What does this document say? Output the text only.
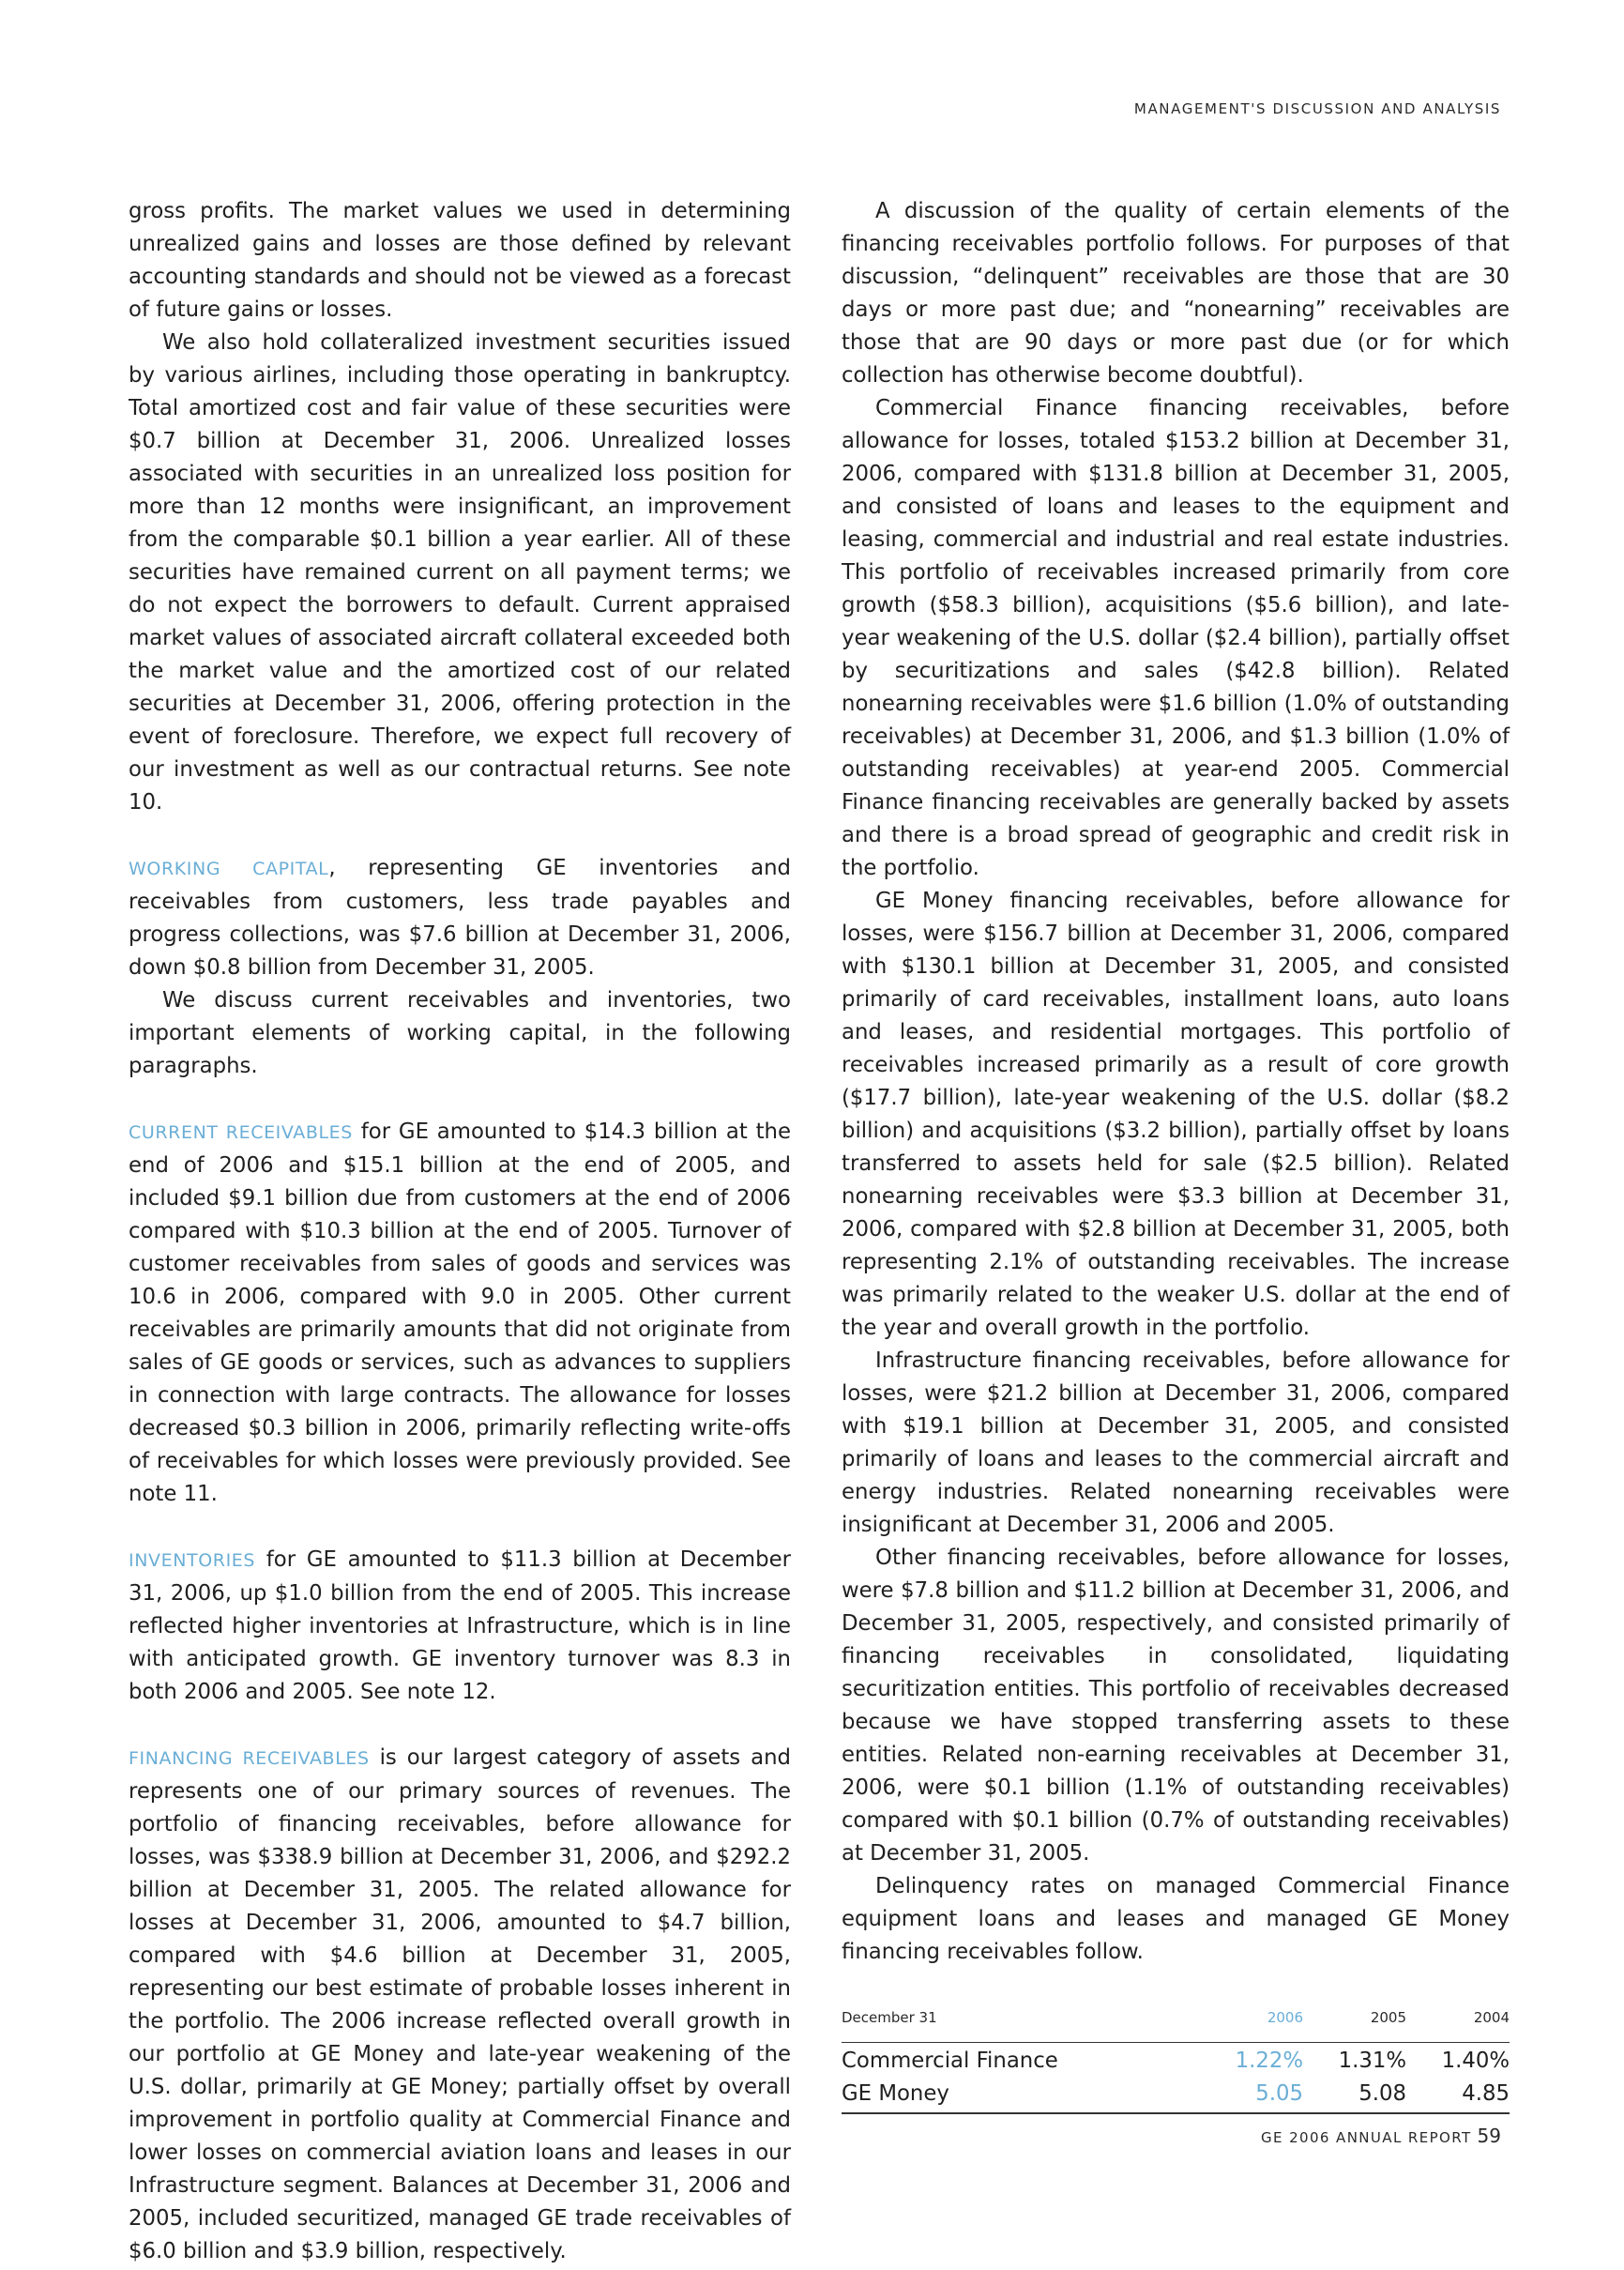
MANAGEMENT'S DISCUSSION AND ANALYSIS

gross profits. The market values we used in determining unrealized gains and losses are those defined by relevant accounting standards and should not be viewed as a forecast of future gains or losses.

We also hold collateralized investment securities issued by various airlines, including those operating in bankruptcy. Total amortized cost and fair value of these securities were $0.7 billion at December 31, 2006. Unrealized losses associated with securities in an unrealized loss position for more than 12 months were insignificant, an improvement from the comparable $0.1 billion a year earlier. All of these securities have remained current on all payment terms; we do not expect the borrowers to default. Current appraised market values of associated aircraft collateral exceeded both the market value and the amortized cost of our related securities at December 31, 2006, offering protection in the event of foreclosure. Therefore, we expect full recovery of our investment as well as our contractual returns. See note 10.

WORKING CAPITAL, representing GE inventories and receivables from customers, less trade payables and progress collections, was $7.6 billion at December 31, 2006, down $0.8 billion from December 31, 2005.

We discuss current receivables and inventories, two important elements of working capital, in the following paragraphs.

CURRENT RECEIVABLES for GE amounted to $14.3 billion at the end of 2006 and $15.1 billion at the end of 2005, and included $9.1 billion due from customers at the end of 2006 compared with $10.3 billion at the end of 2005. Turnover of customer receivables from sales of goods and services was 10.6 in 2006, compared with 9.0 in 2005. Other current receivables are primarily amounts that did not originate from sales of GE goods or services, such as advances to suppliers in connection with large contracts. The allowance for losses decreased $0.3 billion in 2006, primarily reflecting write-offs of receivables for which losses were previously provided. See note 11.

INVENTORIES for GE amounted to $11.3 billion at December 31, 2006, up $1.0 billion from the end of 2005. This increase reflected higher inventories at Infrastructure, which is in line with anticipated growth. GE inventory turnover was 8.3 in both 2006 and 2005. See note 12.

FINANCING RECEIVABLES is our largest category of assets and represents one of our primary sources of revenues. The portfolio of financing receivables, before allowance for losses, was $338.9 billion at December 31, 2006, and $292.2 billion at December 31, 2005. The related allowance for losses at December 31, 2006, amounted to $4.7 billion, compared with $4.6 billion at December 31, 2005, representing our best estimate of probable losses inherent in the portfolio. The 2006 increase reflected overall growth in our portfolio at GE Money and late-year weakening of the U.S. dollar, primarily at GE Money; partially offset by overall improvement in portfolio quality at Commercial Finance and lower losses on commercial aviation loans and leases in our Infrastructure segment. Balances at December 31, 2006 and 2005, included securitized, managed GE trade receivables of $6.0 billion and $3.9 billion, respectively.

A discussion of the quality of certain elements of the financing receivables portfolio follows. For purposes of that discussion, “delinquent” receivables are those that are 30 days or more past due; and “nonearning” receivables are those that are 90 days or more past due (or for which collection has otherwise become doubtful).

Commercial Finance financing receivables, before allowance for losses, totaled $153.2 billion at December 31, 2006, compared with $131.8 billion at December 31, 2005, and consisted of loans and leases to the equipment and leasing, commercial and industrial and real estate industries. This portfolio of receivables increased primarily from core growth ($58.3 billion), acquisitions ($5.6 billion), and late-year weakening of the U.S. dollar ($2.4 billion), partially offset by securitizations and sales ($42.8 billion). Related nonearning receivables were $1.6 billion (1.0% of outstanding receivables) at December 31, 2006, and $1.3 billion (1.0% of outstanding receivables) at year-end 2005. Commercial Finance financing receivables are generally backed by assets and there is a broad spread of geographic and credit risk in the portfolio.

GE Money financing receivables, before allowance for losses, were $156.7 billion at December 31, 2006, compared with $130.1 billion at December 31, 2005, and consisted primarily of card receivables, installment loans, auto loans and leases, and residential mortgages. This portfolio of receivables increased primarily as a result of core growth ($17.7 billion), late-year weakening of the U.S. dollar ($8.2 billion) and acquisitions ($3.2 billion), partially offset by loans transferred to assets held for sale ($2.5 billion). Related nonearning receivables were $3.3 billion at December 31, 2006, compared with $2.8 billion at December 31, 2005, both representing 2.1% of outstanding receivables. The increase was primarily related to the weaker U.S. dollar at the end of the year and overall growth in the portfolio.

Infrastructure financing receivables, before allowance for losses, were $21.2 billion at December 31, 2006, compared with $19.1 billion at December 31, 2005, and consisted primarily of loans and leases to the commercial aircraft and energy industries. Related nonearning receivables were insignificant at December 31, 2006 and 2005.

Other financing receivables, before allowance for losses, were $7.8 billion and $11.2 billion at December 31, 2006, and December 31, 2005, respectively, and consisted primarily of financing receivables in consolidated, liquidating securitization entities. This portfolio of receivables decreased because we have stopped transferring assets to these entities. Related non-earning receivables at December 31, 2006, were $0.1 billion (1.1% of outstanding receivables) compared with $0.1 billion (0.7% of outstanding receivables) at December 31, 2005.

Delinquency rates on managed Commercial Finance equipment loans and leases and managed GE Money financing receivables follow.

December 31	2006	2005	2004
Commercial Finance	1.22%	1.31%	1.40%
GE Money	5.05	5.08	4.85
GE 2006 ANNUAL REPORT 59
